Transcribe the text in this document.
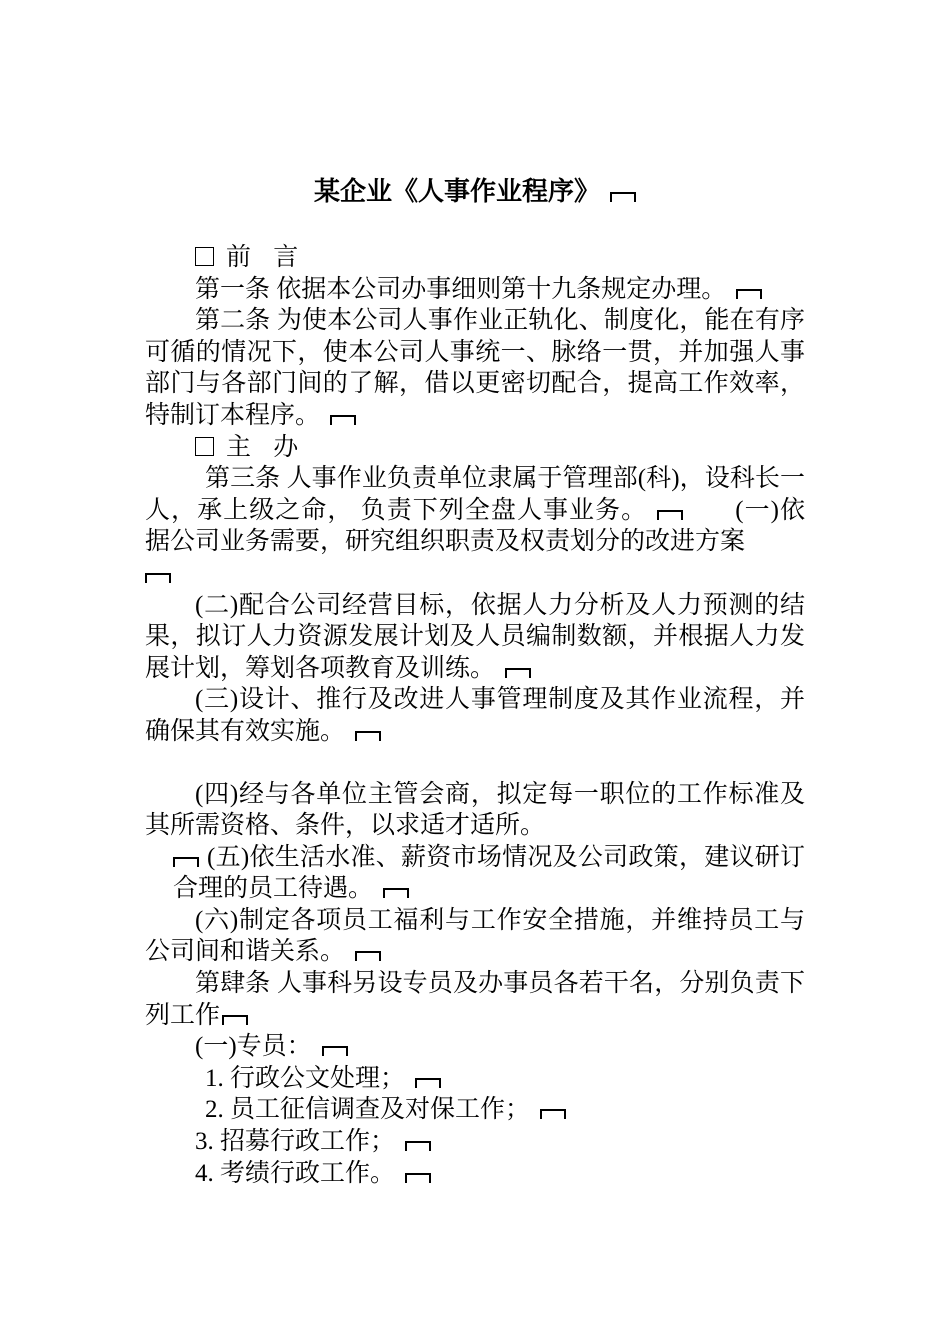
某企业《人事作业程序》

前 言

第一条 依据本公司办事细则第十九条规定办理。

第二条 为使本公司人事作业正轨化、制度化，能在有序可循的情况下，使本公司人事统一、脉络一贯，并加强人事部门与各部门间的了解，借以更密切配合，提高工作效率，特制订本程序。

主 办

第三条 人事作业负责单位隶属于管理部(科)，设科长一人，承上级之命， 负责下列全盘人事业务。	(一)依据公司业务需要，研究组织职责及权责划分的改进方案

(二)配合公司经营目标，依据人力分析及人力预测的结果，拟订人力资源发展计划及人员编制数额，并根据人力发展计划，筹划各项教育及训练。

(三)设计、推行及改进人事管理制度及其作业流程，并确保其有效实施。

(四)经与各单位主管会商，拟定每一职位的工作标准及其所需资格、条件，以求适才适所。

(五)依生活水准、薪资市场情况及公司政策，建议研订合理的员工待遇。

(六)制定各项员工福利与工作安全措施，并维持员工与公司间和谐关系。

第肆条 人事科另设专员及办事员各若干名，分别负责下列工作

(一)专员：

1. 行政公文处理；

2. 员工征信调查及对保工作；

3. 招募行政工作；

4. 考绩行政工作。
